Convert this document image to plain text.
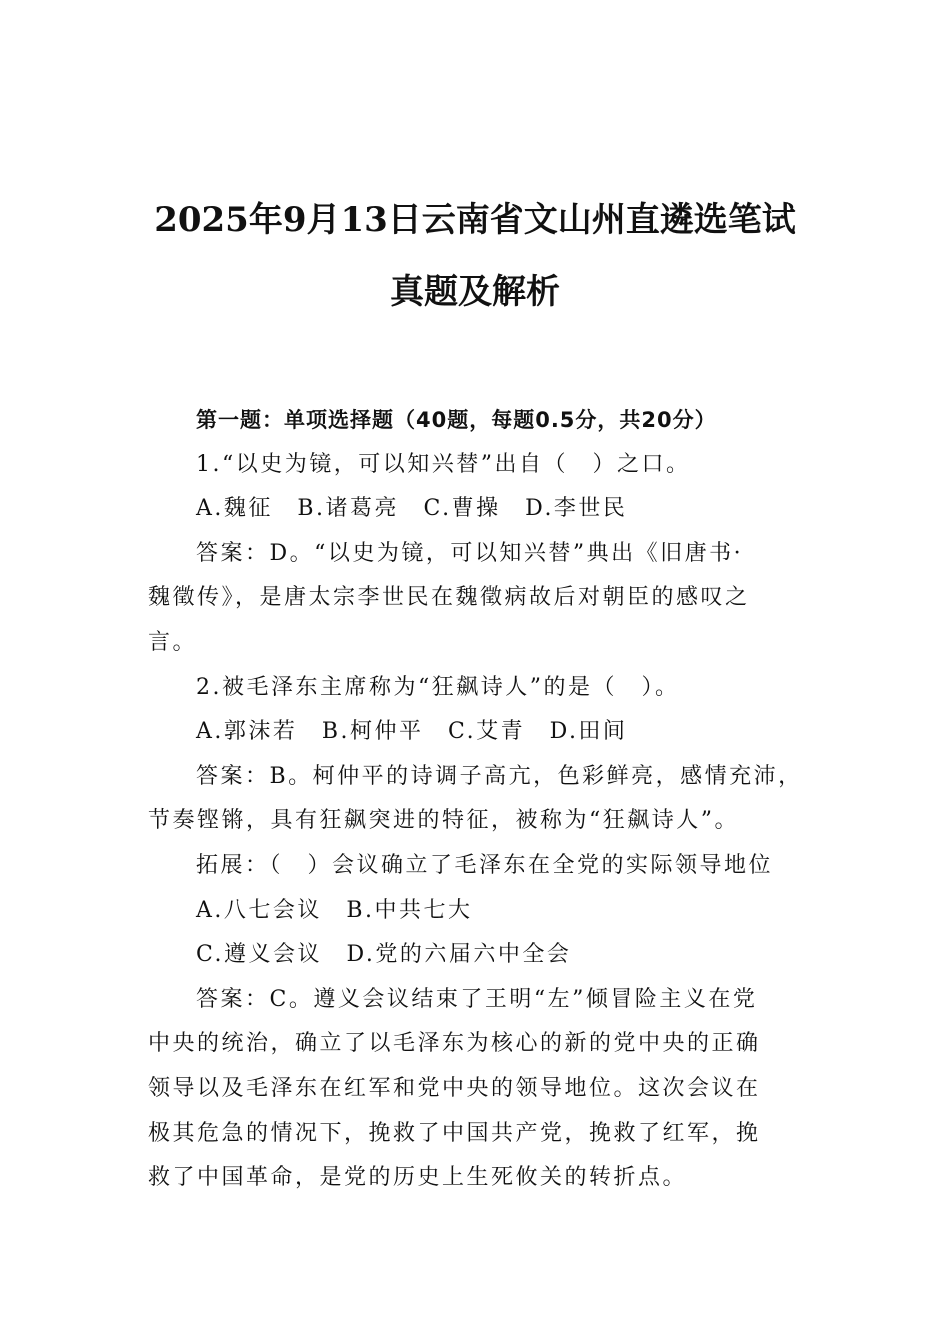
2025年9月13日云南省文山州直遴选笔试
真题及解析

第一题：单项选择题（40题，每题0.5分，共20分）

1.“以史为镜，可以知兴替”出自（　）之口。

A.魏征　B.诸葛亮　C.曹操　D.李世民

答案：D。“以史为镜，可以知兴替”典出《旧唐书·

魏徵传》，是唐太宗李世民在魏徵病故后对朝臣的感叹之

言。

2.被毛泽东主席称为“狂飙诗人”的是（　）。

A.郭沫若　B.柯仲平　C.艾青　D.田间

答案：B。柯仲平的诗调子高亢，色彩鲜亮，感情充沛，

节奏铿锵，具有狂飙突进的特征，被称为“狂飙诗人”。

拓展：（　）会议确立了毛泽东在全党的实际领导地位

A.八七会议　B.中共七大

C.遵义会议　D.党的六届六中全会

答案：C。遵义会议结束了王明“左”倾冒险主义在党

中央的统治，确立了以毛泽东为核心的新的党中央的正确

领导以及毛泽东在红军和党中央的领导地位。这次会议在

极其危急的情况下，挽救了中国共产党，挽救了红军，挽

救了中国革命，是党的历史上生死攸关的转折点。
